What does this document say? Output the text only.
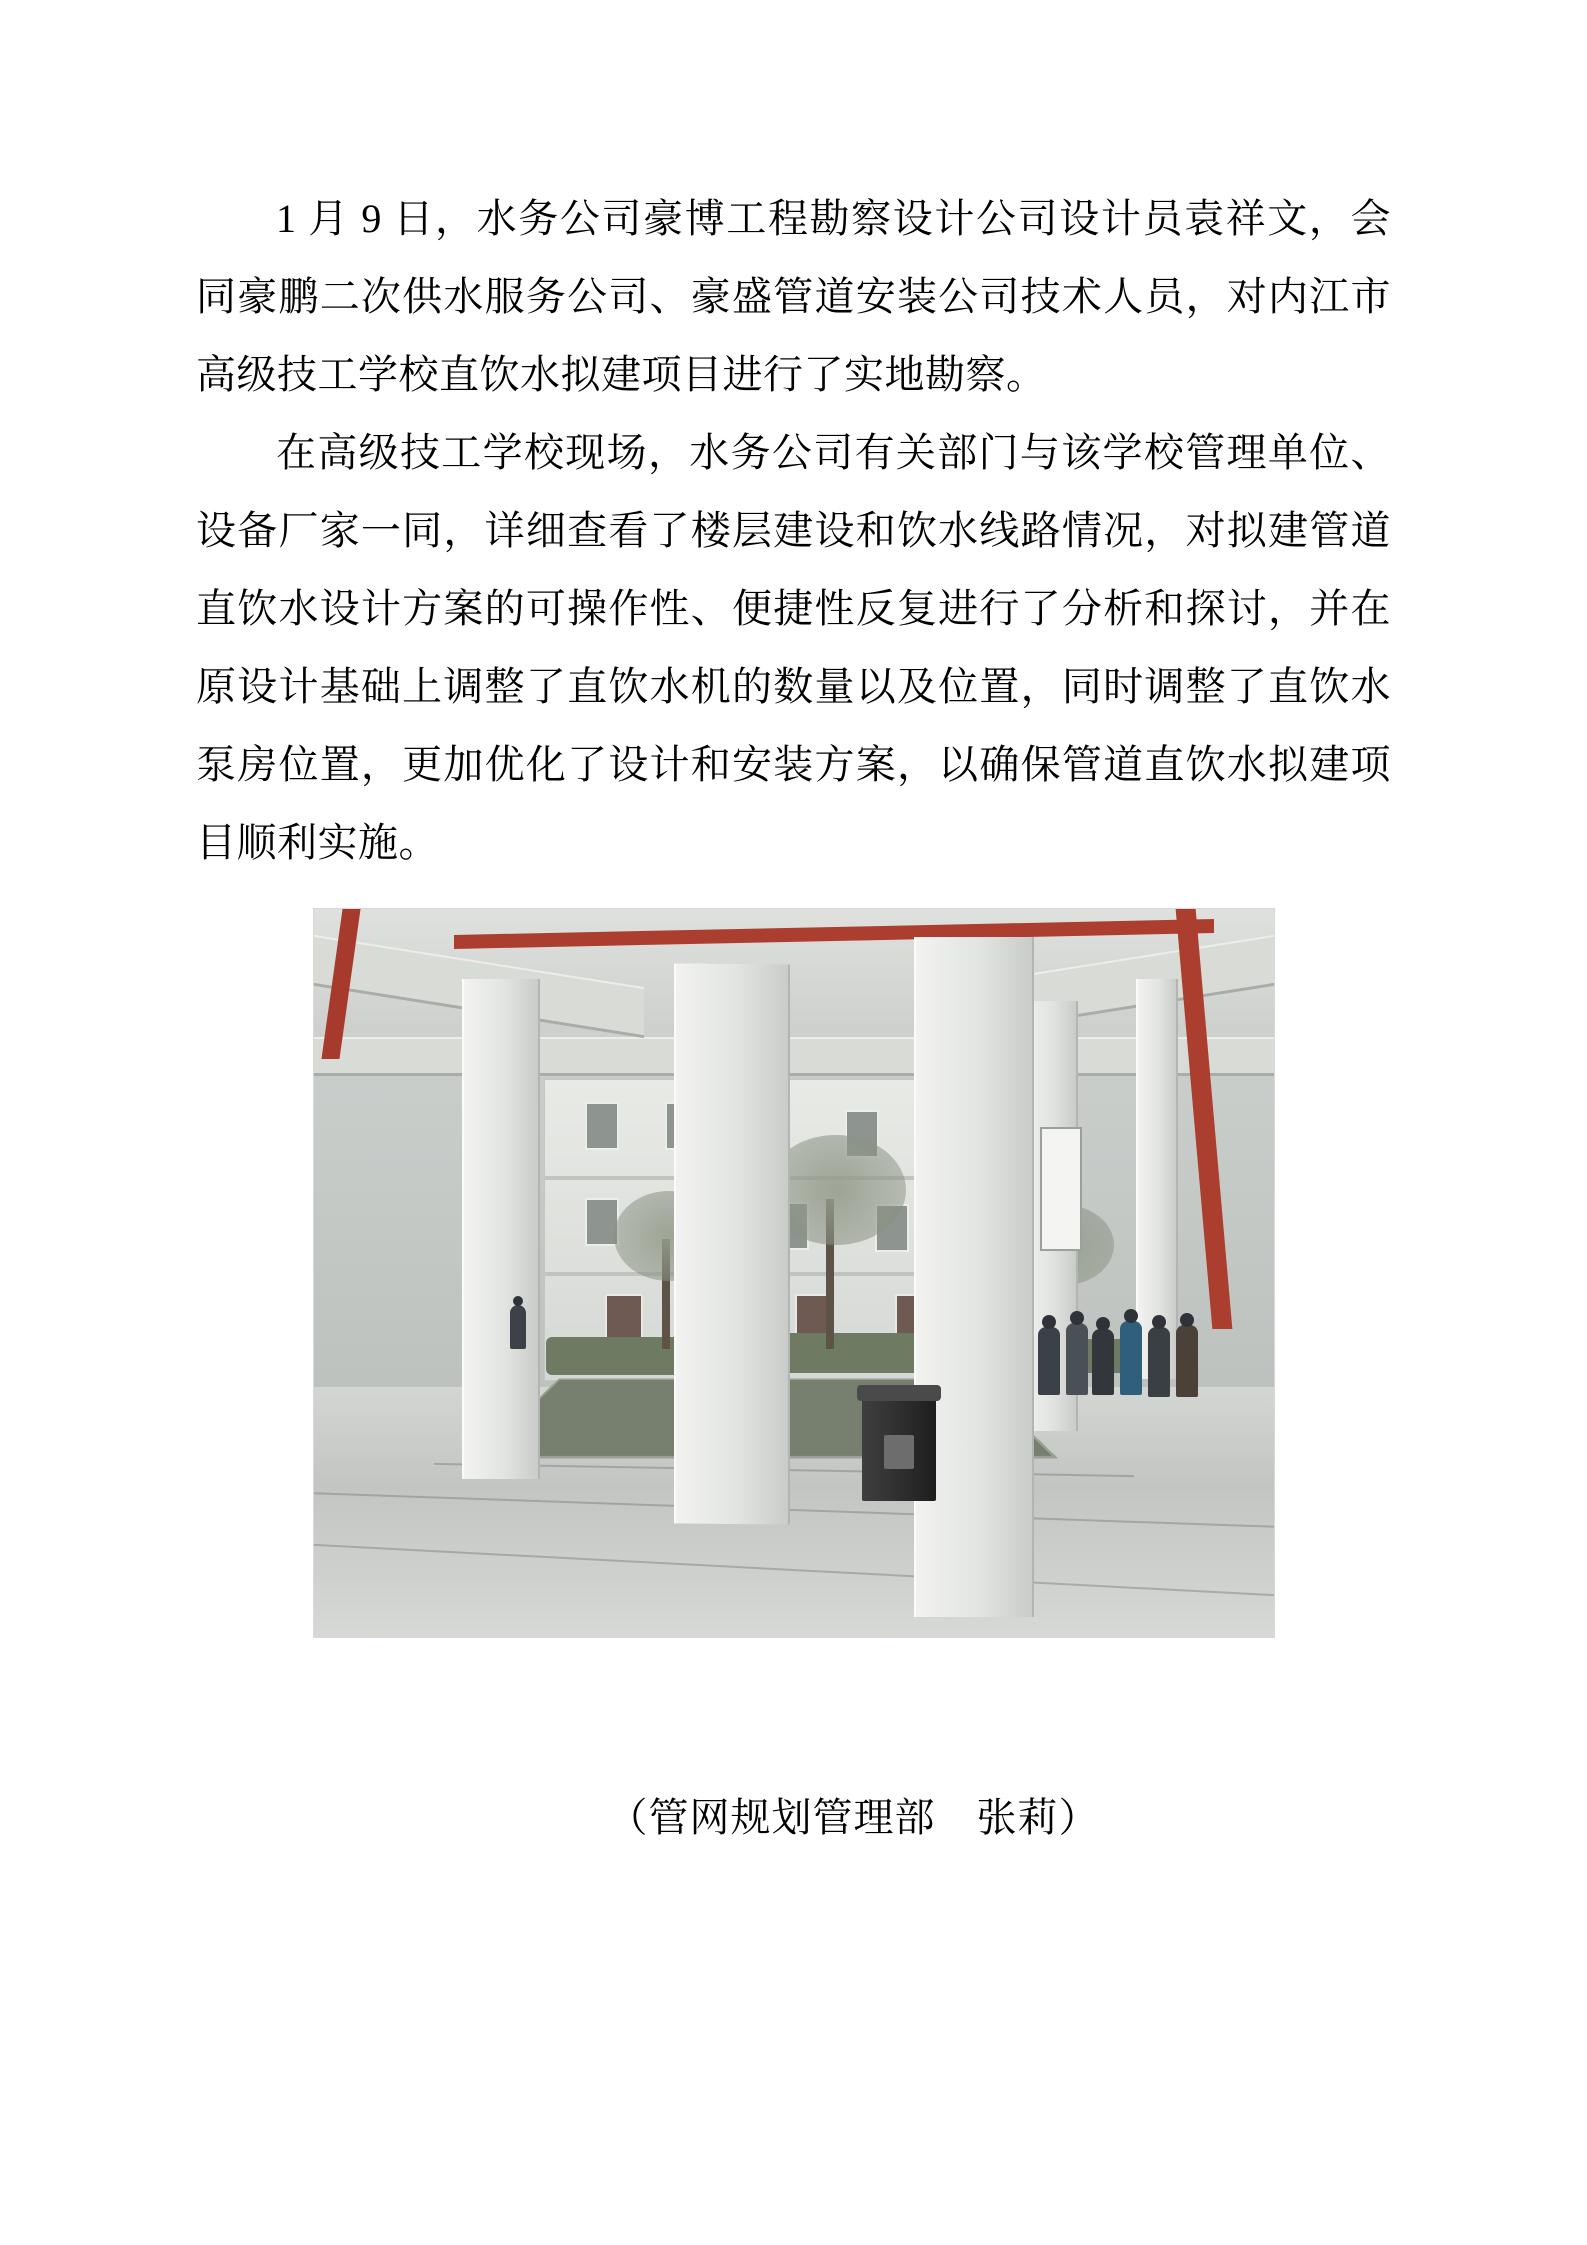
1 月 9 日，水务公司豪博工程勘察设计公司设计员袁祥文，会同豪鹏二次供水服务公司、豪盛管道安装公司技术人员，对内江市高级技工学校直饮水拟建项目进行了实地勘察。

在高级技工学校现场，水务公司有关部门与该学校管理单位、设备厂家一同，详细查看了楼层建设和饮水线路情况，对拟建管道直饮水设计方案的可操作性、便捷性反复进行了分析和探讨，并在原设计基础上调整了直饮水机的数量以及位置，同时调整了直饮水泵房位置，更加优化了设计和安装方案，以确保管道直饮水拟建项目顺利实施。

（管网规划管理部　张莉）
